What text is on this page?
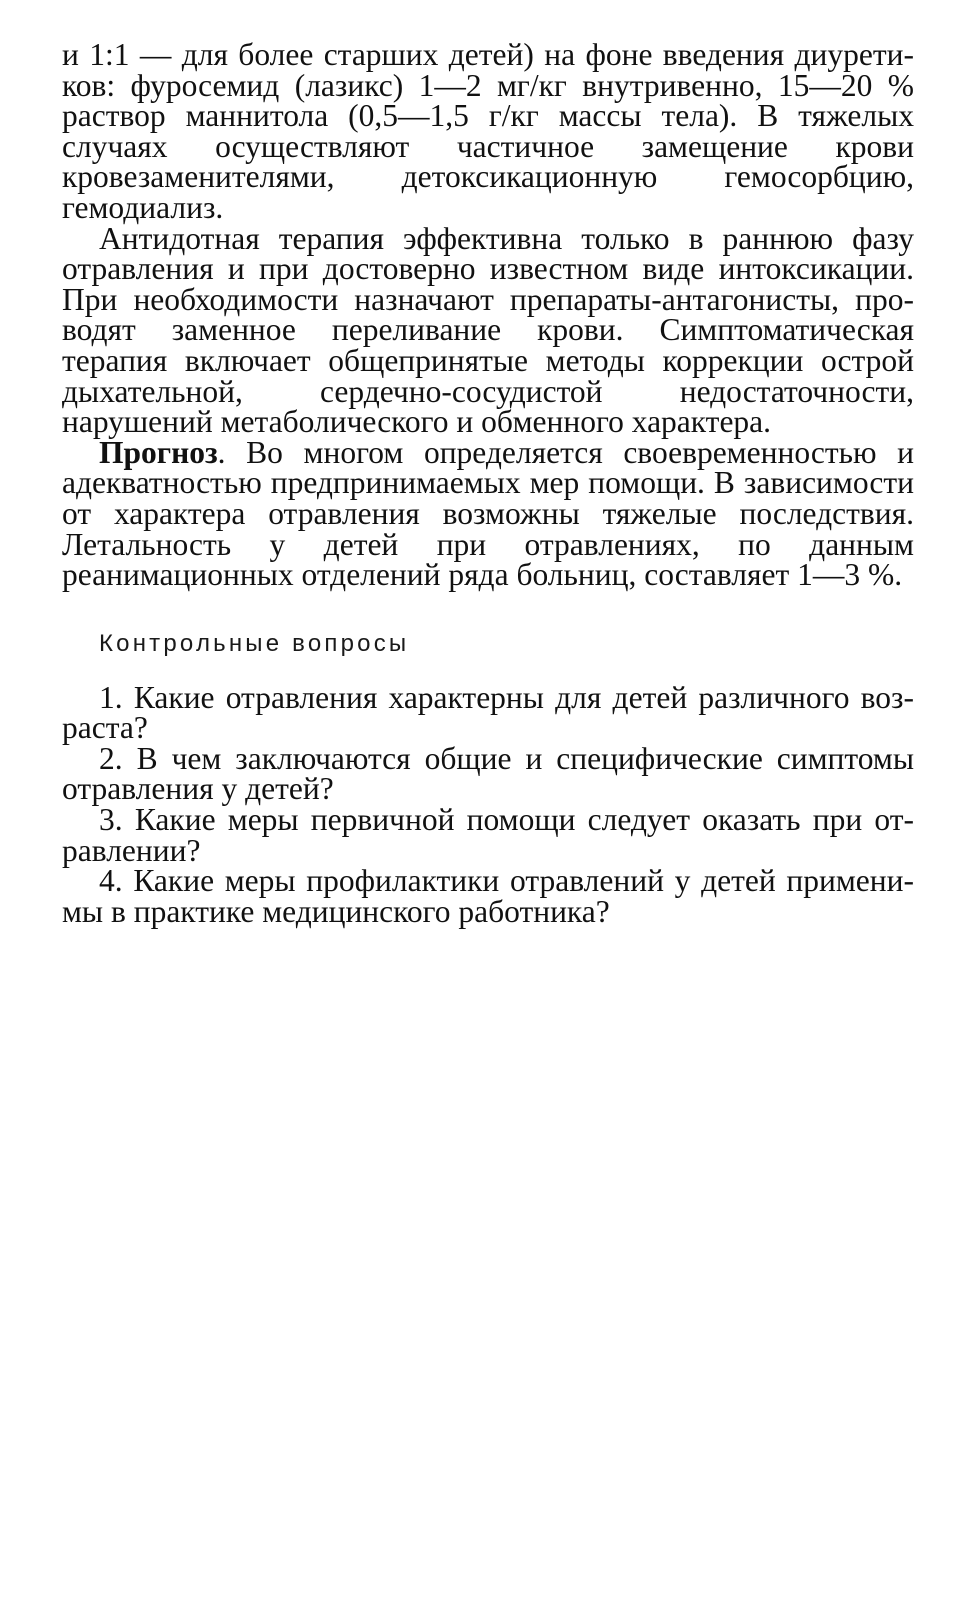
и 1:1 — для более старших детей) на фоне введения диуретиков: фуросемид (лазикс) 1—2 мг/кг внутривенно, 15—20 % раствор маннитола (0,5—1,5 г/кг массы тела). В тяжелых случаях осуществляют частичное замещение крови кровезаменителями, детоксикационную гемосорбцию, гемодиализ.

Антидотная терапия эффективна только в раннюю фазу отравления и при достоверно известном виде интоксикации. При необходимости назначают препараты-антагонисты, проводят заменное переливание крови. Симптоматическая терапия включает общепринятые методы коррекции острой дыхательной, сердечно-сосудистой недостаточности, нарушений метаболического и обменного характера.

Прогноз. Во многом определяется своевременностью и адекватностью предпринимаемых мер помощи. В зависимости от характера отравления возможны тяжелые последствия. Летальность у детей при отравлениях, по данным реанимационных отделений ряда больниц, составляет 1—3 %.

Контрольные вопросы

1. Какие отравления характерны для детей различного возраста?

2. В чем заключаются общие и специфические симптомы отравления у детей?

3. Какие меры первичной помощи следует оказать при отравлении?

4. Какие меры профилактики отравлений у детей применимы в практике медицинского работника?
